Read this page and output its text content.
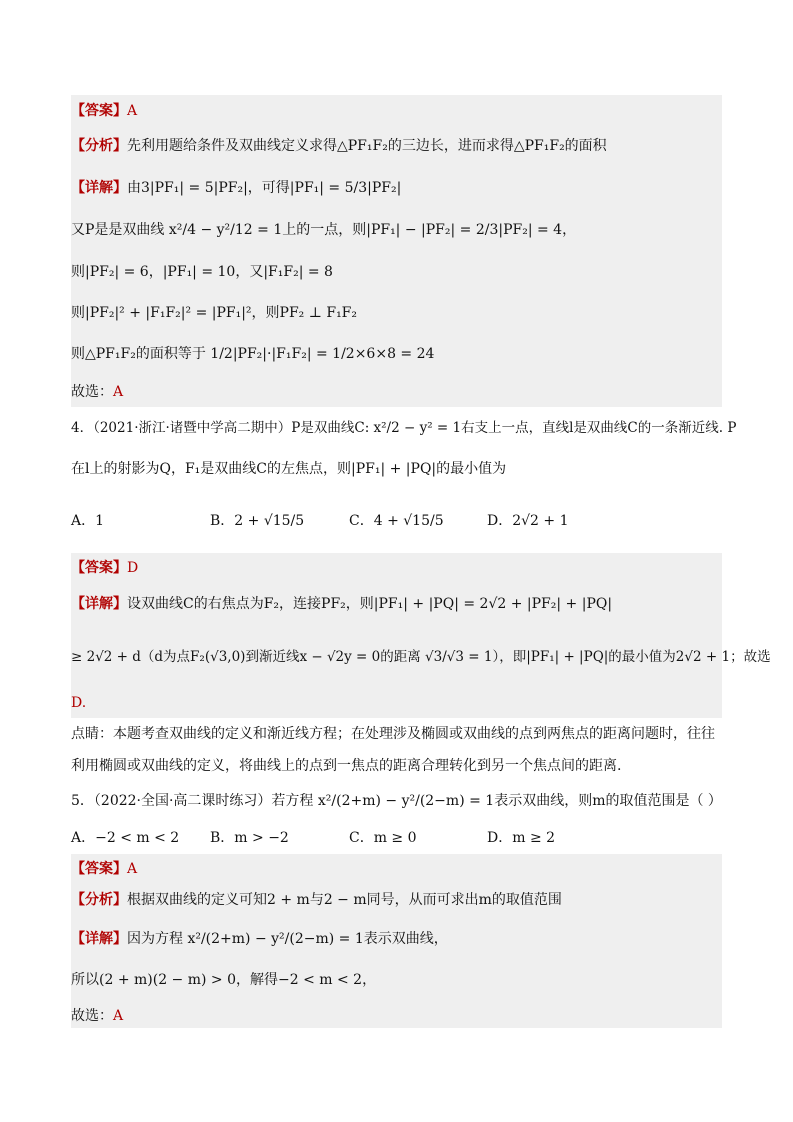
【答案】A
【分析】先利用题给条件及双曲线定义求得△PF₁F₂的三边长，进而求得△PF₁F₂的面积
【详解】由3|PF₁| = 5|PF₂|，可得|PF₁| = 5/3|PF₂|
又P是是双曲线 x²/4 − y²/12 = 1上的一点，则|PF₁| − |PF₂| = 2/3|PF₂| = 4，
则|PF₂| = 6，|PF₁| = 10，又|F₁F₂| = 8
则|PF₂|² + |F₁F₂|² = |PF₁|²，则PF₂ ⊥ F₁F₂
则△PF₁F₂的面积等于 1/2|PF₂|·|F₁F₂| = 1/2×6×8 = 24
故选：A
4．（2021·浙江·诸暨中学高二期中）P是双曲线C: x²/2 − y² = 1右支上一点，直线l是双曲线C的一条渐近线. P
在l上的射影为Q，F₁是双曲线C的左焦点，则|PF₁| + |PQ|的最小值为
A．1	B．2 + √15/5	C．4 + √15/5	D．2√2 + 1
【答案】D
【详解】设双曲线C的右焦点为F₂，连接PF₂，则|PF₁| + |PQ| = 2√2 + |PF₂| + |PQ|
≥ 2√2 + d（d为点F₂(√3,0)到渐近线x − √2y = 0的距离 √3/√3 = 1），即|PF₁| + |PQ|的最小值为2√2 + 1；故选
D.
点睛：本题考查双曲线的定义和渐近线方程；在处理涉及椭圆或双曲线的点到两焦点的距离问题时，往往
利用椭圆或双曲线的定义，将曲线上的点到一焦点的距离合理转化到另一个焦点间的距离.
5．（2022·全国·高二课时练习）若方程 x²/(2+m) − y²/(2−m) = 1表示双曲线，则m的取值范围是（ ）
A．−2 < m < 2 B．m > −2	C．m ≥ 0	D．m ≥ 2
【答案】A
【分析】根据双曲线的定义可知2 + m与2 − m同号，从而可求出m的取值范围
【详解】因为方程 x²/(2+m) − y²/(2−m) = 1表示双曲线，
所以(2 + m)(2 − m) > 0，解得−2 < m < 2，
故选：A
